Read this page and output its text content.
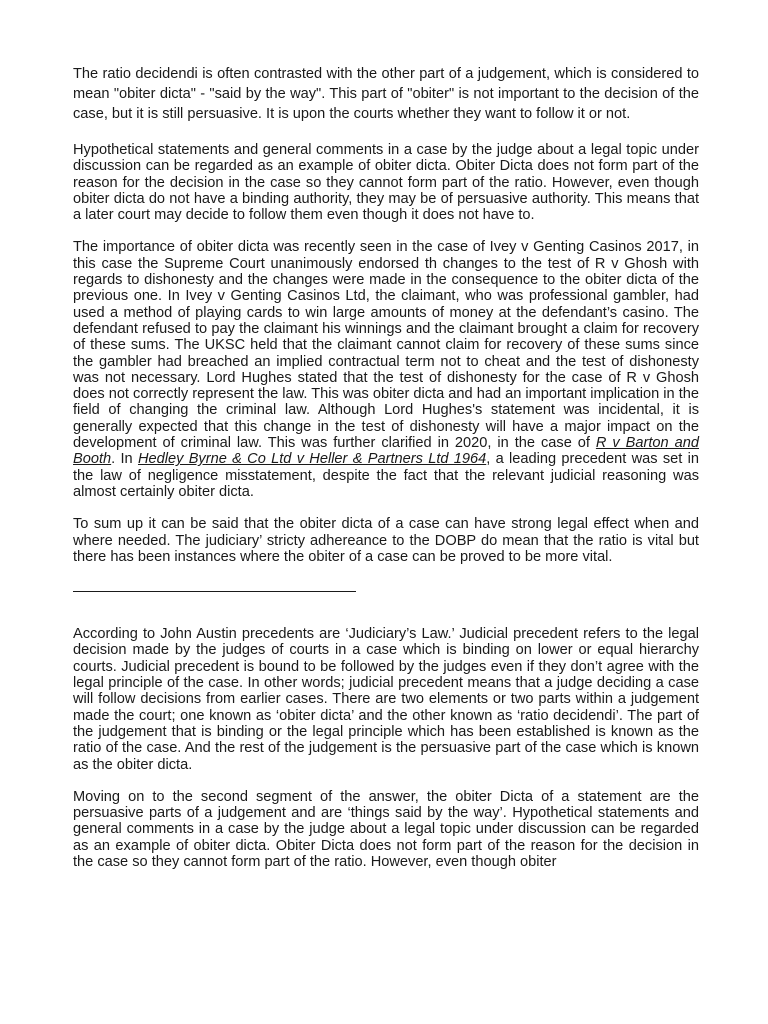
The ratio decidendi is often contrasted with the other part of a judgement, which is considered to mean "obiter dicta" - "said by the way". This part of "obiter" is not important to the decision of the case, but it is still persuasive. It is upon the courts whether they want to follow it or not.

Hypothetical statements and general comments in a case by the judge about a legal topic under discussion can be regarded as an example of obiter dicta. Obiter Dicta does not form part of the reason for the decision in the case so they cannot form part of the ratio. However, even though obiter dicta do not have a binding authority, they may be of persuasive authority. This means that a later court may decide to follow them even though it does not have to.

The importance of obiter dicta was recently seen in the case of Ivey v Genting Casinos 2017, in this case the Supreme Court unanimously endorsed th changes to the test of R v Ghosh with regards to dishonesty and the changes were made in the consequence to the obiter dicta of the previous one. In Ivey v Genting Casinos Ltd, the claimant, who was professional gambler, had used a method of playing cards to win large amounts of money at the defendant’s casino. The defendant refused to pay the claimant his winnings and the claimant brought a claim for recovery of these sums. The UKSC held that the claimant cannot claim for recovery of these sums since the gambler had breached an implied contractual term not to cheat and the test of dishonesty was not necessary. Lord Hughes stated that the test of dishonesty for the case of R v Ghosh does not correctly represent the law. This was obiter dicta and had an important implication in the field of changing the criminal law. Although Lord Hughes's statement was incidental, it is generally expected that this change in the test of dishonesty will have a major impact on the development of criminal law. This was further clarified in 2020, in the case of R v Barton and Booth. In Hedley Byrne & Co Ltd v Heller & Partners Ltd 1964, a leading precedent was set in the law of negligence misstatement, despite the fact that the relevant judicial reasoning was almost certainly obiter dicta.

To sum up it can be said that the obiter dicta of a case can have strong legal effect when and where needed. The judiciary’ stricty adhereance to the DOBP do mean that the ratio is vital but there has been instances where the obiter of a case can be proved to be more vital.

According to John Austin precedents are ‘Judiciary’s Law.’ Judicial precedent refers to the legal decision made by the judges of courts in a case which is binding on lower or equal hierarchy courts. Judicial precedent is bound to be followed by the judges even if they don’t agree with the legal principle of the case. In other words; judicial precedent means that a judge deciding a case will follow decisions from earlier cases. There are two elements or two parts within a judgement made the court; one known as ‘obiter dicta’ and the other known as ‘ratio decidendi’. The part of the judgement that is binding or the legal principle which has been established is known as the ratio of the case. And the rest of the judgement is the persuasive part of the case which is known as the obiter dicta.

Moving on to the second segment of the answer, the obiter Dicta of a statement are the persuasive parts of a judgement and are ‘things said by the way’. Hypothetical statements and general comments in a case by the judge about a legal topic under discussion can be regarded as an example of obiter dicta. Obiter Dicta does not form part of the reason for the decision in the case so they cannot form part of the ratio. However, even though obiter
